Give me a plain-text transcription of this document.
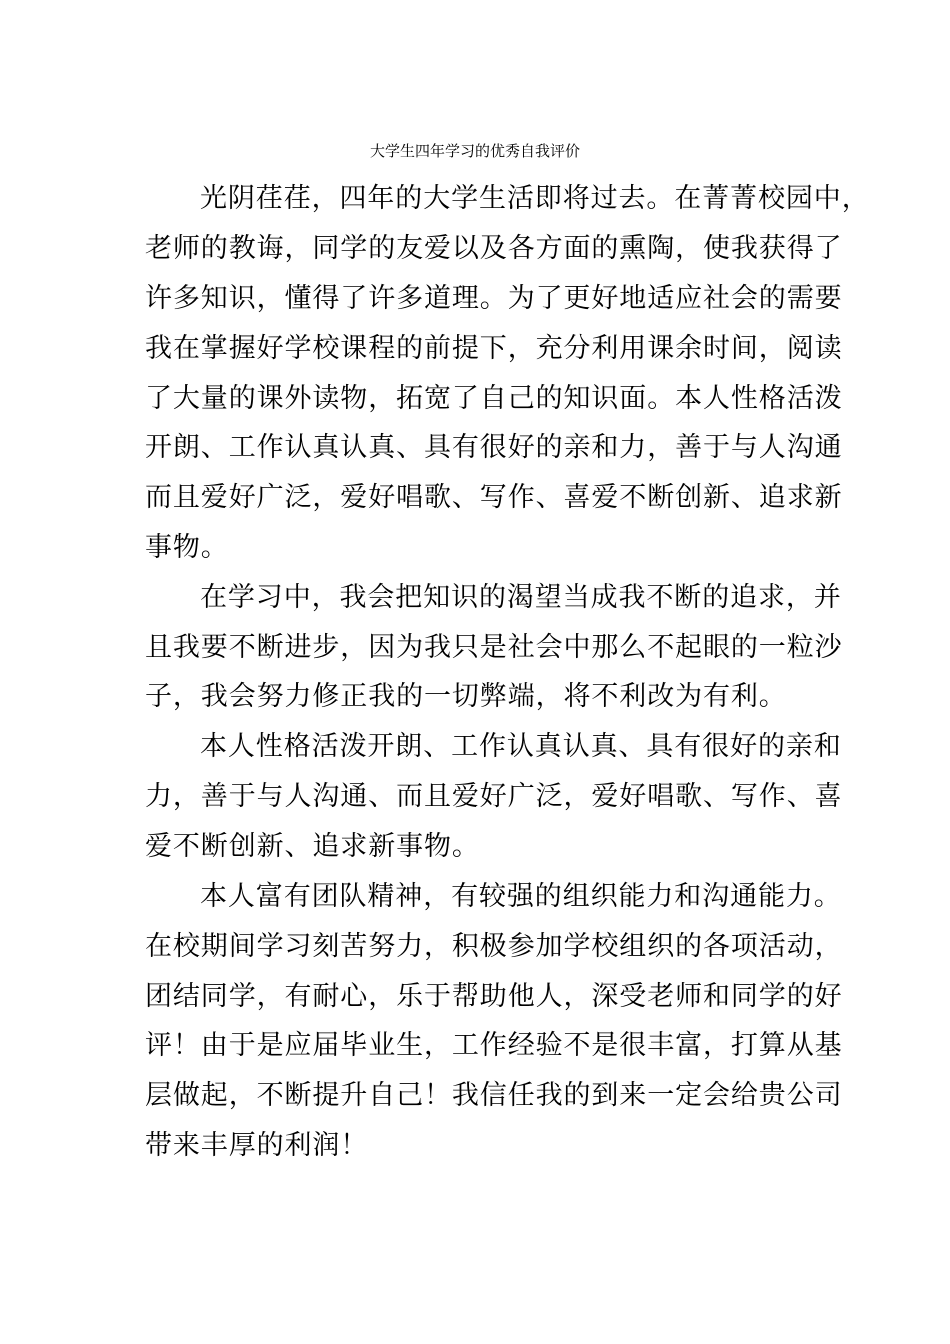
大学生四年学习的优秀自我评价
光阴荏荏，四年的大学生活即将过去。在菁菁校园中，
老师的教诲，同学的友爱以及各方面的熏陶，使我获得了
许多知识，懂得了许多道理。为了更好地适应社会的需要
我在掌握好学校课程的前提下，充分利用课余时间，阅读
了大量的课外读物，拓宽了自己的知识面。本人性格活泼
开朗、工作认真认真、具有很好的亲和力，善于与人沟通
而且爱好广泛，爱好唱歌、写作、喜爱不断创新、追求新
事物。
在学习中，我会把知识的渴望当成我不断的追求，并
且我要不断进步，因为我只是社会中那么不起眼的一粒沙
子，我会努力修正我的一切弊端，将不利改为有利。
本人性格活泼开朗、工作认真认真、具有很好的亲和
力，善于与人沟通、而且爱好广泛，爱好唱歌、写作、喜
爱不断创新、追求新事物。
本人富有团队精神，有较强的组织能力和沟通能力。
在校期间学习刻苦努力，积极参加学校组织的各项活动，
团结同学，有耐心，乐于帮助他人，深受老师和同学的好
评！由于是应届毕业生，工作经验不是很丰富，打算从基
层做起，不断提升自己！我信任我的到来一定会给贵公司
带来丰厚的利润！
